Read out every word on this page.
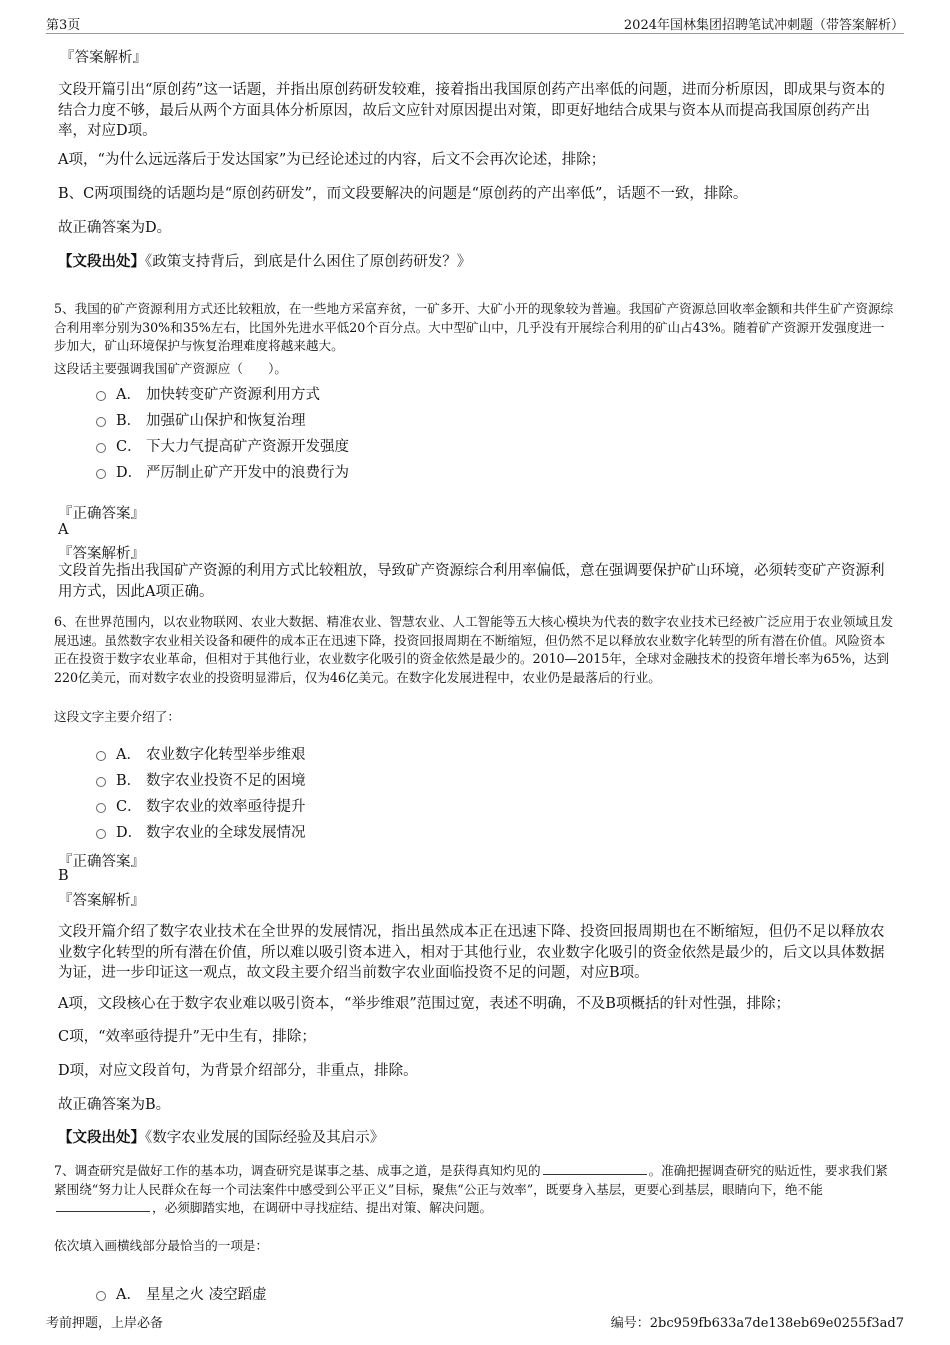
第3页	2024年国林集团招聘笔试冲刺题（带答案解析）
『答案解析』
文段开篇引出“原创药”这一话题，并指出原创药研发较难，接着指出我国原创药产出率低的问题，进而分析原因，即成果与资本的结合力度不够，最后从两个方面具体分析原因，故后文应针对原因提出对策，即更好地结合成果与资本从而提高我国原创药产出率，对应D项。
A项，“为什么远远落后于发达国家”为已经论述过的内容，后文不会再次论述，排除；
B、C两项围绕的话题均是“原创药研发”，而文段要解决的问题是“原创药的产出率低”，话题不一致，排除。
故正确答案为D。
【文段出处】《政策支持背后，到底是什么困住了原创药研发？》
5、我国的矿产资源利用方式还比较粗放，在一些地方采富弃贫，一矿多开、大矿小开的现象较为普遍。我国矿产资源总回收率金额和共伴生矿产资源综合利用率分别为30%和35%左右，比国外先进水平低20个百分点。大中型矿山中，几乎没有开展综合利用的矿山占43%。随着矿产资源开发强度进一步加大，矿山环境保护与恢复治理难度将越来越大。
这段话主要强调我国矿产资源应（　　）。
A． 加快转变矿产资源利用方式
B． 加强矿山保护和恢复治理
C． 下大力气提高矿产资源开发强度
D． 严厉制止矿产开发中的浪费行为
『正确答案』
A
『答案解析』
文段首先指出我国矿产资源的利用方式比较粗放，导致矿产资源综合利用率偏低，意在强调要保护矿山环境，必须转变矿产资源利用方式，因此A项正确。
6、在世界范围内，以农业物联网、农业大数据、精准农业、智慧农业、人工智能等五大核心模块为代表的数字农业技术已经被广泛应用于农业领域且发展迅速。虽然数字农业相关设备和硬件的成本正在迅速下降，投资回报周期在不断缩短，但仍然不足以释放农业数字化转型的所有潜在价值。风险资本正在投资于数字农业革命，但相对于其他行业，农业数字化吸引的资金依然是最少的。2010—2015年，全球对金融技术的投资年增长率为65%，达到220亿美元，而对数字农业的投资明显滞后，仅为46亿美元。在数字化发展进程中，农业仍是最落后的行业。
这段文字主要介绍了：
A． 农业数字化转型举步维艰
B． 数字农业投资不足的困境
C． 数字农业的效率亟待提升
D． 数字农业的全球发展情况
『正确答案』
B
『答案解析』
文段开篇介绍了数字农业技术在全世界的发展情况，指出虽然成本正在迅速下降、投资回报周期也在不断缩短，但仍不足以释放农业数字化转型的所有潜在价值，所以难以吸引资本进入，相对于其他行业，农业数字化吸引的资金依然是最少的，后文以具体数据为证，进一步印证这一观点，故文段主要介绍当前数字农业面临投资不足的问题，对应B项。
A项，文段核心在于数字农业难以吸引资本，“举步维艰”范围过宽，表述不明确，不及B项概括的针对性强，排除；
C项，“效率亟待提升”无中生有，排除；
D项，对应文段首句，为背景介绍部分，非重点，排除。
故正确答案为B。
【文段出处】《数字农业发展的国际经验及其启示》
7、调查研究是做好工作的基本功，调查研究是谋事之基、成事之道，是获得真知灼见的	。准确把握调查研究的贴近性，要求我们紧紧围绕“努力让人民群众在每一个司法案件中感受到公平正义”目标，聚焦“公正与效率”，既要身入基层，更要心到基层，眼睛向下，绝不能，必须脚踏实地，在调研中寻找症结、提出对策、解决问题。
依次填入画横线部分最恰当的一项是：
A． 星星之火 凌空蹈虚
考前押题，上岸必备	编号：2bc959fb633a7de138eb69e0255f3ad7
